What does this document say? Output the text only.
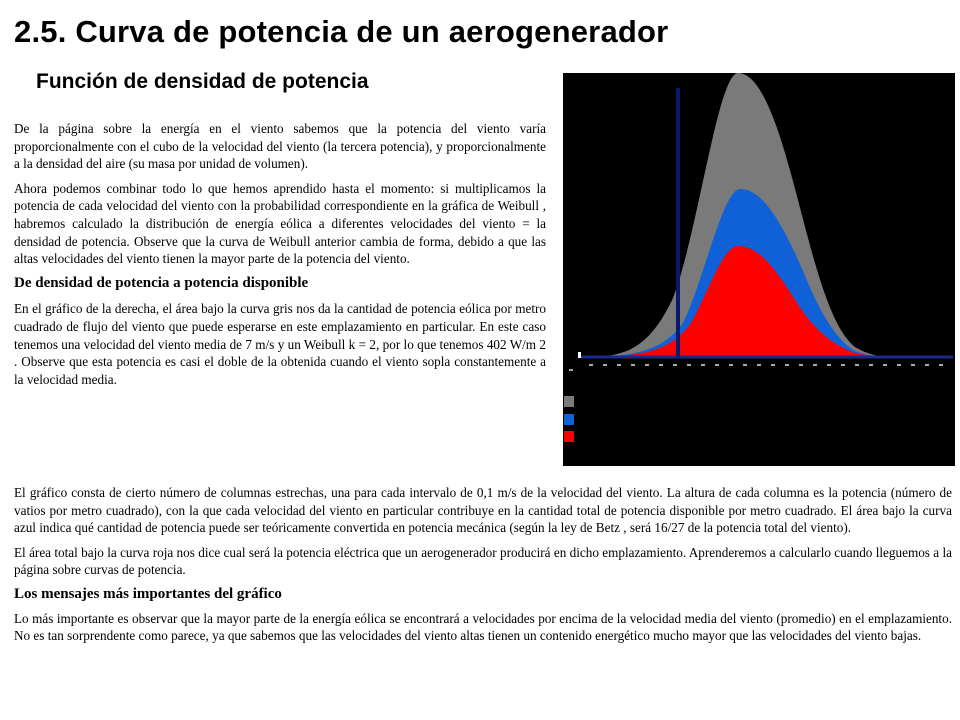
2.5. Curva de potencia de un aerogenerador
Función de densidad de potencia

De la página sobre la energía en el viento sabemos que la potencia del viento varía proporcionalmente con el cubo de la velocidad del viento (la tercera potencia), y proporcionalmente a la densidad del aire (su masa por unidad de volumen).

Ahora podemos combinar todo lo que hemos aprendido hasta el momento: si multiplicamos la potencia de cada velocidad del viento con la probabilidad correspondiente en la gráfica de Weibull , habremos calculado la distribución de energía eólica a diferentes velocidades del viento = la densidad de potencia. Observe que la curva de Weibull anterior cambia de forma, debido a que las altas velocidades del viento tienen la mayor parte de la potencia del viento.

De densidad de potencia a potencia disponible

En el gráfico de la derecha, el área bajo la curva gris nos da la cantidad de potencia eólica por metro cuadrado de flujo del viento que puede esperarse en este emplazamiento en particular. En este caso tenemos una velocidad del viento media de 7 m/s y un Weibull k = 2, por lo que tenemos 402 W/m 2 . Observe que esta potencia es casi el doble de la obtenida cuando el viento sopla constantemente a la velocidad media.

El gráfico consta de cierto número de columnas estrechas, una para cada intervalo de 0,1 m/s de la velocidad del viento. La altura de cada columna es la potencia (número de vatios por metro cuadrado), con la que cada velocidad del viento en particular contribuye en la cantidad total de potencia disponible por metro cuadrado. El área bajo la curva azul indica qué cantidad de potencia puede ser teóricamente convertida en potencia mecánica (según la ley de Betz , será 16/27 de la potencia total del viento).

El área total bajo la curva roja nos dice cual será la potencia eléctrica que un aerogenerador producirá en dicho emplazamiento. Aprenderemos a calcularlo cuando lleguemos a la página sobre curvas de potencia.

Los mensajes más importantes del gráfico

Lo más importante es observar que la mayor parte de la energía eólica se encontrará a velocidades por encima de la velocidad media del viento (promedio) en el emplazamiento. No es tan sorprendente como parece, ya que sabemos que las velocidades del viento altas tienen un contenido energético mucho mayor que las velocidades del viento bajas.
